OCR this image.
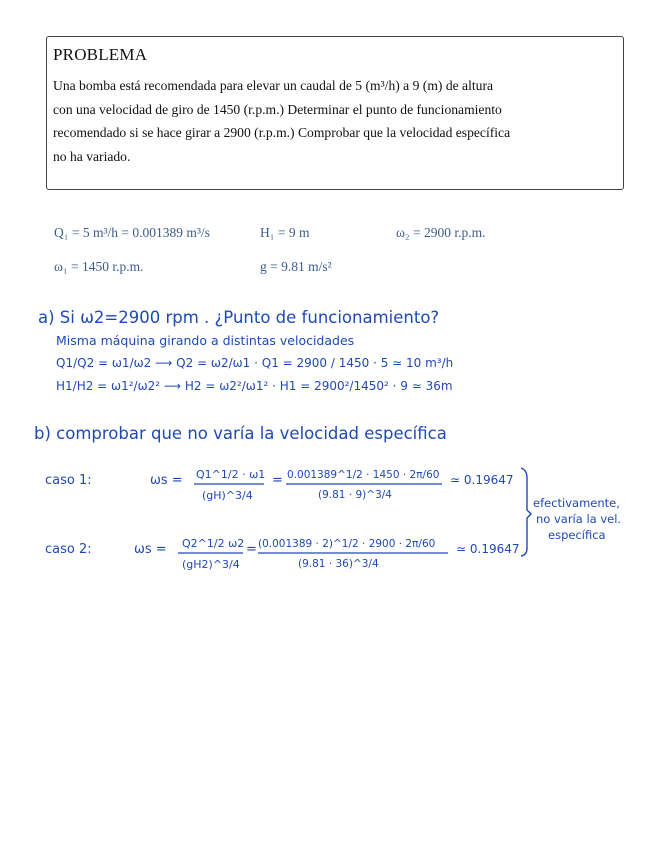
PROBLEMA

Una bomba está recomendada para elevar un caudal de 5 (m³/h) a 9 (m) de altura

con una velocidad de giro de 1450 (r.p.m.) Determinar el punto de funcionamiento

recomendado si se hace girar a 2900 (r.p.m.) Comprobar que la velocidad específica

no ha variado.

Q₁ = 5 m³/h = 0.001389 m³/s	H₁ = 9 m	ω₂ = 2900 r.p.m.
ω₁ = 1450 r.p.m.	g = 9.81 m/s²
a) Si ω2=2900 rpm . ¿Punto de funcionamiento?
Misma máquina girando a distintas velocidades
Q1/Q2 = ω1/ω2 ⟶ Q2 = ω2/ω1 · Q1 = 2900 / 1450 · 5 ≃ 10 m³/h
H1/H2 = ω1²/ω2² ⟶ H2 = ω2²/ω1² · H1 = 2900²/1450² · 9 ≃ 36m
b) comprobar que no varía la velocidad específica
caso 1:	ωs = Q1^1/2 · ω1
(gH)^3/4
= 0.001389^1/2 · 1450 · 2π/60
(9.81 · 9)^3/4
≃ 0.19647
caso 2:	ωs = Q2^1/2 ω2
(gH2)^3/4
= (0.001389 · 2)^1/2 · 2900 · 2π/60
(9.81 · 36)^3/4
≃ 0.19647
efectivamente,
no varía la vel.
específica
